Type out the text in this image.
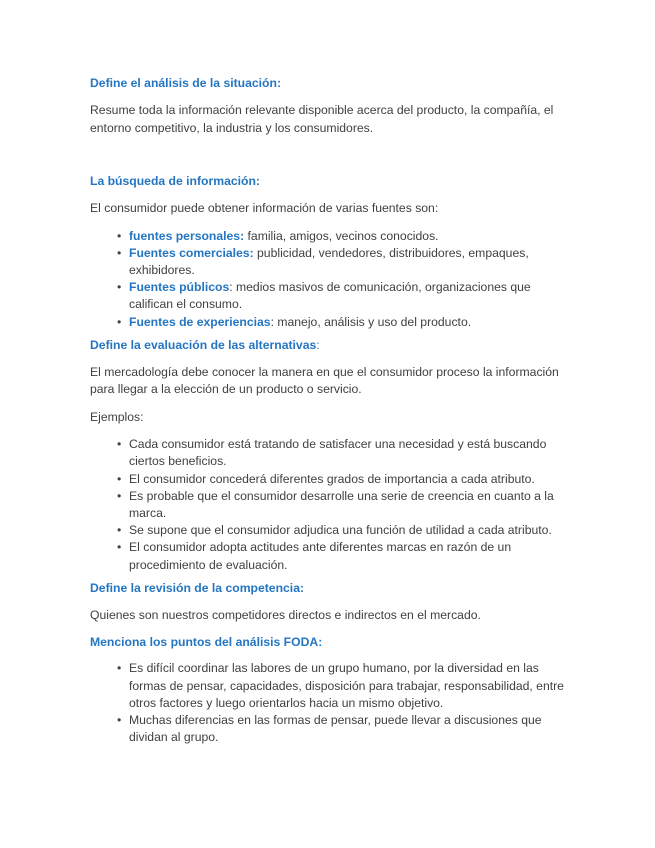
Define el análisis de la situación:

Resume toda la información relevante disponible acerca del producto, la compañía, el entorno competitivo, la industria y los consumidores.

La búsqueda de información:

El consumidor puede obtener información de varias fuentes son:

• fuentes personales: familia, amigos, vecinos conocidos.
• Fuentes comerciales: publicidad, vendedores, distribuidores, empaques, exhibidores.
• Fuentes públicos: medios masivos de comunicación, organizaciones que califican el consumo.
• Fuentes de experiencias: manejo, análisis y uso del producto.
Define la evaluación de las alternativas:

El mercadología debe conocer la manera en que el consumidor proceso la información para llegar a la elección de un producto o servicio.

Ejemplos:

• Cada consumidor está tratando de satisfacer una necesidad y está buscando ciertos beneficios.
• El consumidor concederá diferentes grados de importancia a cada atributo.
• Es probable que el consumidor desarrolle una serie de creencia en cuanto a la marca.
• Se supone que el consumidor adjudica una función de utilidad a cada atributo.
• El consumidor adopta actitudes ante diferentes marcas en razón de un procedimiento de evaluación.
Define la revisión de la competencia:

Quienes son nuestros competidores directos e indirectos en el mercado.

Menciona los puntos del análisis FODA:
• Es difícil coordinar las labores de un grupo humano, por la diversidad en las formas de pensar, capacidades, disposición para trabajar, responsabilidad, entre otros factores y luego orientarlos hacia un mismo objetivo.
• Muchas diferencias en las formas de pensar, puede llevar a discusiones que dividan al grupo.
